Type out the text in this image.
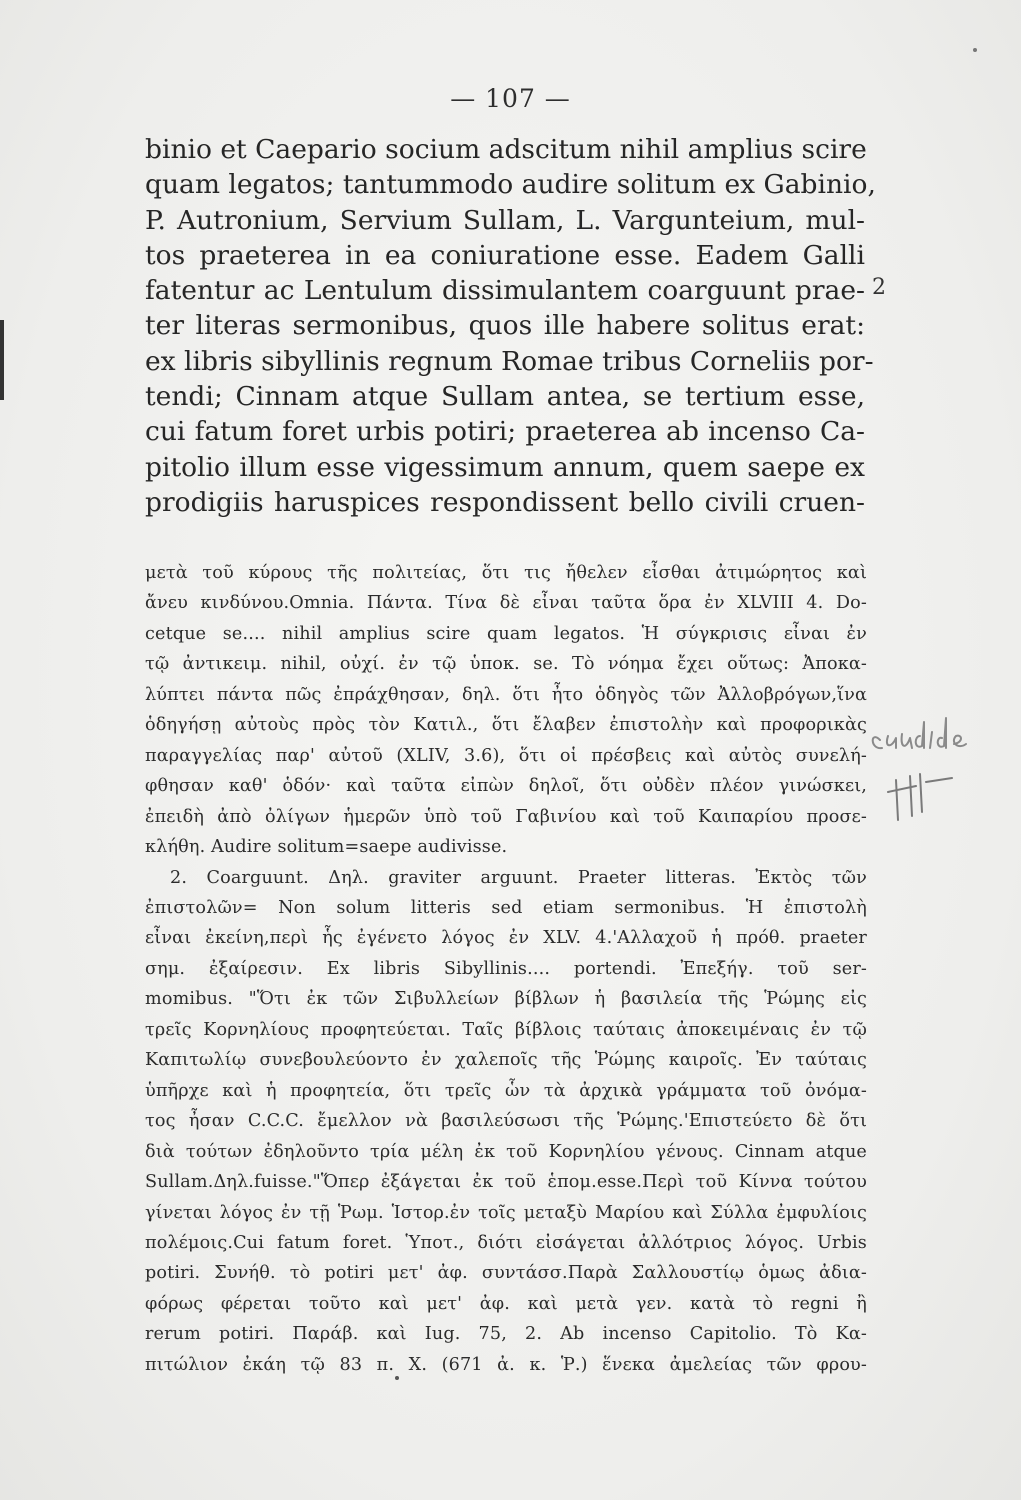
— 107 —
binio et Caepario socium adscitum nihil amplius scire
quam legatos; tantummodo audire solitum ex Gabinio,
P. Autronium, Servium Sullam, L. Varguntеium, mul-
tos praeterea in ea coniuratione esse. Eadem Galli
fatentur ac Lentulum dissimulantem coarguunt prae-
ter literas sermonibus, quos ille habere solitus erat:
ex libris sibyllinis regnum Romae tribus Corneliis por-
tendi; Cinnam atque Sullam antea, se tertium esse,
cui fatum foret urbis potiri; praeterea ab incenso Ca-
pitolio illum esse vigessimum annum, quem saepe ex
prodigiis haruspices respondissent bello civili cruen-
2
μετὰ τοῦ κύρους τῆς πολιτείας, ὅτι τις ἤθελεν εἶσθαι ἀτιμώρητος καὶ
ἄνευ κινδύνου.Omnia. Πάντα. Τίνα δὲ εἶναι ταῦτα ὅρα ἐν XLVIII 4. Do-
cetque se.... nihil amplius scire quam legatos. Ἡ σύγκρισις εἶναι ἐν
τῷ ἀντικειμ. nihil, οὐχί. ἐν τῷ ὑποκ. se. Τὸ νόημα ἔχει οὕτως: Ἀποκα-
λύπτει πάντα πῶς ἐπράχθησαν, δηλ. ὅτι ἦτο ὁδηγὸς τῶν Ἀλλοβρόγων,ἵνα
ὁδηγήσῃ αὐτοὺς πρὸς τὸν Κατιλ., ὅτι ἔλαβεν ἐπιστολὴν καὶ προφορικὰς
παραγγελίας παρ' αὐτοῦ (XLIV, 3.6), ὅτι οἱ πρέσβεις καὶ αὐτὸς συνελή-
φθησαν καθ' ὁδόν· καὶ ταῦτα εἰπὼν δηλοῖ, ὅτι οὐδὲν πλέον γινώσκει,
ἐπειδὴ ἀπὸ ὀλίγων ἡμερῶν ὑπὸ τοῦ Γαβινίου καὶ τοῦ Καιπαρίου προσε-
κλήθη. Audire solitum=saepe audivisse.
2. Coarguunt. Δηλ. graviter arguunt. Praeter litteras. Ἐκτὸς τῶν
ἐπιστολῶν= Non solum litteris sed etiam sermonibus. Ἡ ἐπιστολὴ
εἶναι ἐκείνη,περὶ ἧς ἐγένετο λόγος ἐν XLV. 4.'Αλλαχοῦ ἡ πρόθ. praeter
σημ. ἐξαίρεσιν. Ex libris Sibyllinis.... portendi. Ἐπεξήγ. τοῦ ser-
momibus. "Ὅτι ἐκ τῶν Σιβυλλείων βίβλων ἡ βασιλεία τῆς Ῥώμης εἰς
τρεῖς Κορνηλίους προφητεύεται. Ταῖς βίβλοις ταύταις ἀποκειμέναις ἐν τῷ
Καπιτωλίῳ συνεβουλεύοντο ἐν χαλεποῖς τῆς Ῥώμης καιροῖς. Ἐν ταύταις
ὑπῆρχε καὶ ἡ προφητεία, ὅτι τρεῖς ὧν τὰ ἀρχικὰ γράμματα τοῦ ὀνόμα-
τος ἦσαν C.C.C. ἔμελλον νὰ βασιλεύσωσι τῆς Ῥώμης.'Επιστεύετο δὲ ὅτι
διὰ τούτων ἐδηλοῦντο τρία μέλη ἐκ τοῦ Κορνηλίου γένους. Cinnam atque
Sullam.Δηλ.fuisse."Ὅπερ ἐξάγεται ἐκ τοῦ ἑπομ.esse.Περὶ τοῦ Κίννα τούτου
γίνεται λόγος ἐν τῇ Ῥωμ. Ἱστορ.ἐν τοῖς μεταξὺ Μαρίου καὶ Σύλλα ἐμφυλίοις
πολέμοις.Cui fatum foret. Ὑποτ., διότι εἰσάγεται ἀλλότριος λόγος. Urbis
potiri. Συνήθ. τὸ potiri μετ' ἀφ. συντάσσ.Παρὰ Σαλλουστίῳ ὁμως ἀδια-
φόρως φέρεται τοῦτο καὶ μετ' ἀφ. καὶ μετὰ γεν. κατὰ τὸ regni ἢ
rerum potiri. Παράβ. καὶ Iug. 75, 2. Ab incenso Capitolio. Τὸ Κα-
πιτώλιον ἐκάη τῷ 83 π. Χ. (671 ἀ. κ. Ῥ.) ἕνεκα ἀμελείας τῶν φρου-
